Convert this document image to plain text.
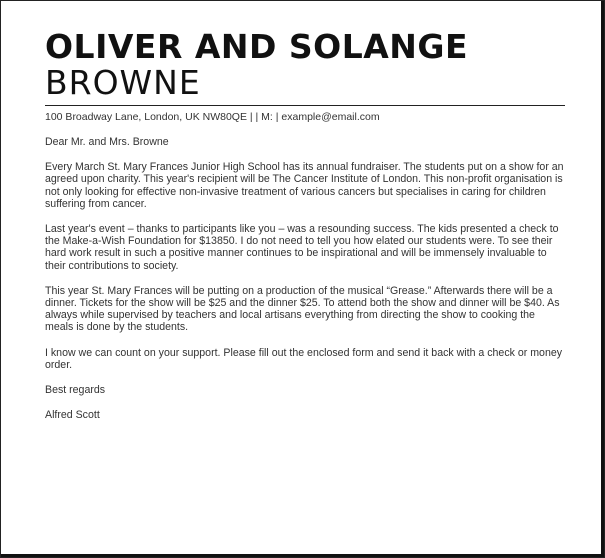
OLIVER AND SOLANGE
BROWNE
100 Broadway Lane, London, UK NW80QE | | M: | example@email.com

Dear Mr. and Mrs. Browne

Every March St. Mary Frances Junior High School has its annual fundraiser. The students put on a show for an agreed upon charity. This year's recipient will be The Cancer Institute of London. This non-profit organisation is not only looking for effective non-invasive treatment of various cancers but specialises in caring for children suffering from cancer.

Last year's event – thanks to participants like you – was a resounding success. The kids presented a check to the Make-a-Wish Foundation for $13850. I do not need to tell you how elated our students were. To see their hard work result in such a positive manner continues to be inspirational and will be immensely invaluable to their contributions to society.

This year St. Mary Frances will be putting on a production of the musical “Grease.” Afterwards there will be a dinner. Tickets for the show will be $25 and the dinner $25. To attend both the show and dinner will be $40. As always while supervised by teachers and local artisans everything from directing the show to cooking the meals is done by the students.

I know we can count on your support. Please fill out the enclosed form and send it back with a check or money order.

Best regards

Alfred Scott
